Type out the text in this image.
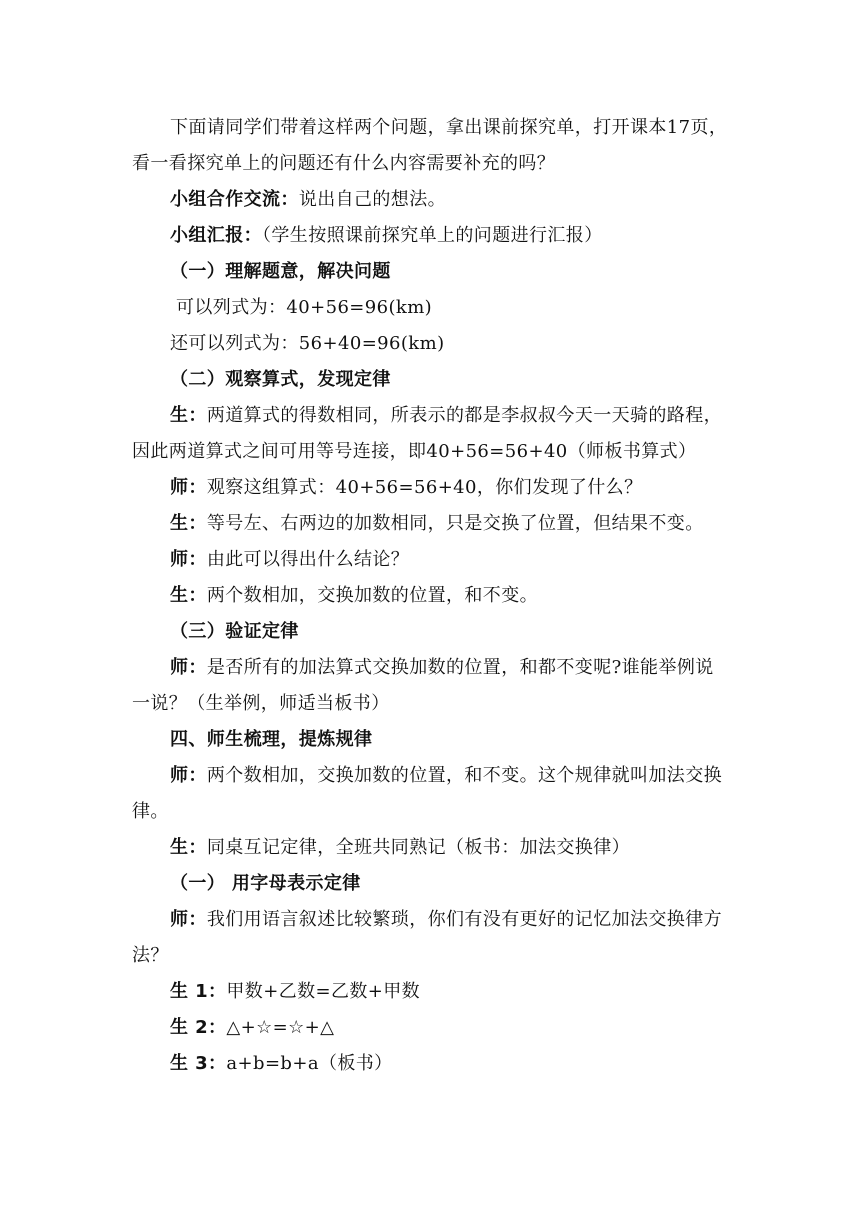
下面请同学们带着这样两个问题，拿出课前探究单，打开课本17页，看一看探究单上的问题还有什么内容需要补充的吗？

小组合作交流：说出自己的想法。

小组汇报：（学生按照课前探究单上的问题进行汇报）

（一）理解题意，解决问题

可以列式为：40+56=96(km)

还可以列式为：56+40=96(km)

（二）观察算式，发现定律

生：两道算式的得数相同，所表示的都是李叔叔今天一天骑的路程，因此两道算式之间可用等号连接，即40+56=56+40（师板书算式）

师：观察这组算式：40+56=56+40，你们发现了什么？

生：等号左、右两边的加数相同，只是交换了位置，但结果不变。

师：由此可以得出什么结论？

生：两个数相加，交换加数的位置，和不变。

（三）验证定律

师：是否所有的加法算式交换加数的位置，和都不变呢?谁能举例说一说？（生举例，师适当板书）

四、师生梳理，提炼规律

师：两个数相加，交换加数的位置，和不变。这个规律就叫加法交换律。

生：同桌互记定律，全班共同熟记（板书：加法交换律）

（一） 用字母表示定律

师：我们用语言叙述比较繁琐，你们有没有更好的记忆加法交换律方法？

生 1：甲数+乙数=乙数+甲数

生 2：△+☆=☆+△

生 3：a+b=b+a（板书）
